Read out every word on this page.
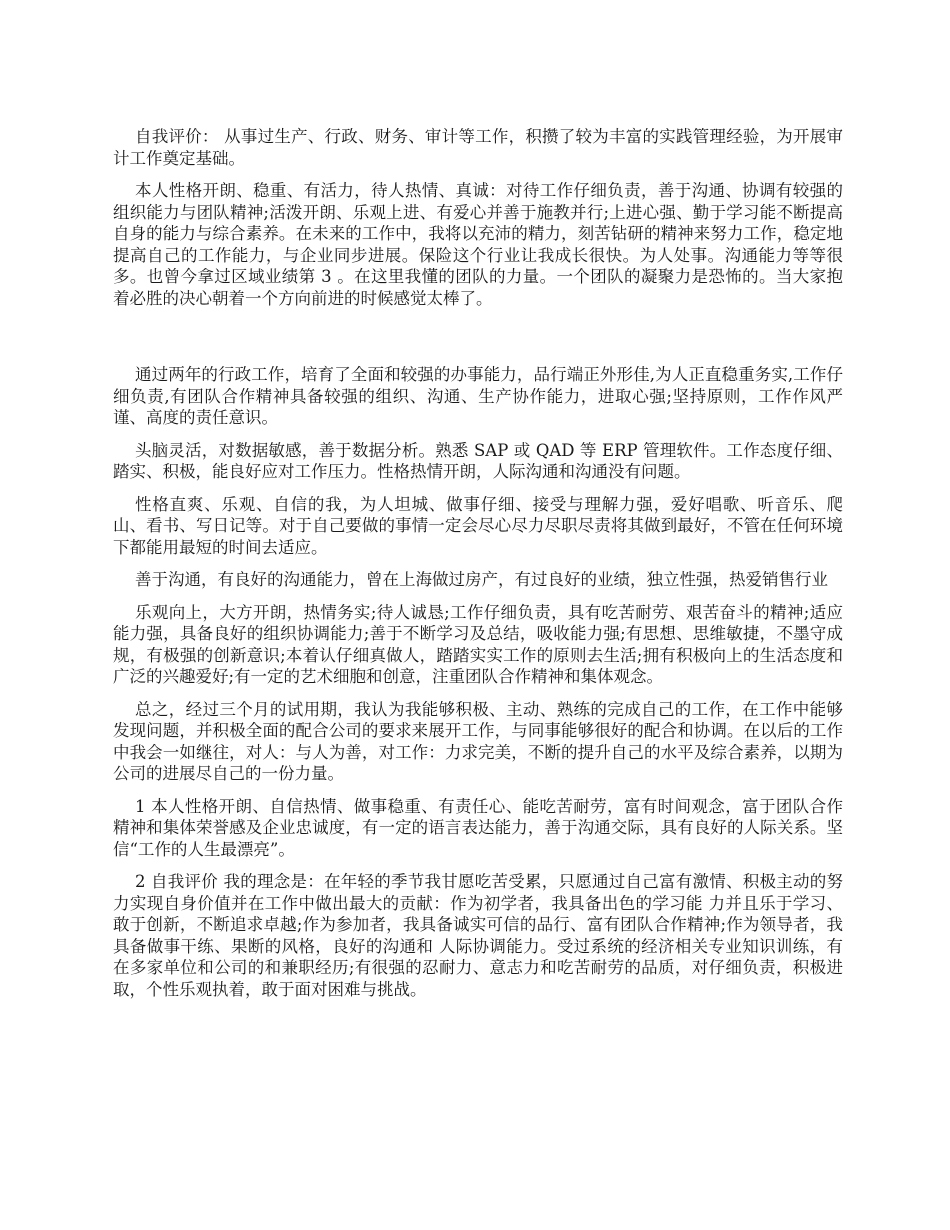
自我评价： 从事过生产、行政、财务、审计等工作，积攒了较为丰富的实践管理经验，为开展审计工作奠定基础。

本人性格开朗、稳重、有活力，待人热情、真诚：对待工作仔细负责，善于沟通、协调有较强的组织能力与团队精神;活泼开朗、乐观上进、有爱心并善于施教并行;上进心强、勤于学习能不断提高自身的能力与综合素养。在未来的工作中，我将以充沛的精力，刻苦钻研的精神来努力工作，稳定地提高自己的工作能力，与企业同步进展。保险这个行业让我成长很快。为人处事。沟通能力等等很多。也曾今拿过区域业绩第 3 。在这里我懂的团队的力量。一个团队的凝聚力是恐怖的。当大家抱着必胜的决心朝着一个方向前进的时候感觉太棒了。

通过两年的行政工作，培育了全面和较强的办事能力，品行端正外形佳,为人正直稳重务实,工作仔细负责,有团队合作精神具备较强的组织、沟通、生产协作能力，进取心强;坚持原则，工作作风严谨、高度的责任意识。

头脑灵活，对数据敏感，善于数据分析。熟悉 SAP 或 QAD 等 ERP 管理软件。工作态度仔细、踏实、积极，能良好应对工作压力。性格热情开朗，人际沟通和沟通没有问题。

性格直爽、乐观、自信的我，为人坦城、做事仔细、接受与理解力强，爱好唱歌、听音乐、爬山、看书、写日记等。对于自己要做的事情一定会尽心尽力尽职尽责将其做到最好，不管在任何环境下都能用最短的时间去适应。

善于沟通，有良好的沟通能力，曾在上海做过房产，有过良好的业绩，独立性强，热爱销售行业

乐观向上，大方开朗，热情务实;待人诚恳;工作仔细负责，具有吃苦耐劳、艰苦奋斗的精神;适应能力强，具备良好的组织协调能力;善于不断学习及总结，吸收能力强;有思想、思维敏捷，不墨守成规，有极强的创新意识;本着认仔细真做人，踏踏实实工作的原则去生活;拥有积极向上的生活态度和广泛的兴趣爱好;有一定的艺术细胞和创意，注重团队合作精神和集体观念。

总之，经过三个月的试用期，我认为我能够积极、主动、熟练的完成自己的工作，在工作中能够发现问题，并积极全面的配合公司的要求来展开工作，与同事能够很好的配合和协调。在以后的工作中我会一如继往，对人：与人为善，对工作：力求完美，不断的提升自己的水平及综合素养，以期为公司的进展尽自己的一份力量。

1 本人性格开朗、自信热情、做事稳重、有责任心、能吃苦耐劳，富有时间观念，富于团队合作精神和集体荣誉感及企业忠诚度，有一定的语言表达能力，善于沟通交际，具有良好的人际关系。坚信“工作的人生最漂亮”。

2 自我评价 我的理念是：在年轻的季节我甘愿吃苦受累，只愿通过自己富有激情、积极主动的努力实现自身价值并在工作中做出最大的贡献：作为初学者，我具备出色的学习能 力并且乐于学习、敢于创新，不断追求卓越;作为参加者，我具备诚实可信的品行、富有团队合作精神;作为领导者，我具备做事干练、果断的风格，良好的沟通和 人际协调能力。受过系统的经济相关专业知识训练，有在多家单位和公司的和兼职经历;有很强的忍耐力、意志力和吃苦耐劳的品质，对仔细负责，积极进 取，个性乐观执着，敢于面对困难与挑战。
